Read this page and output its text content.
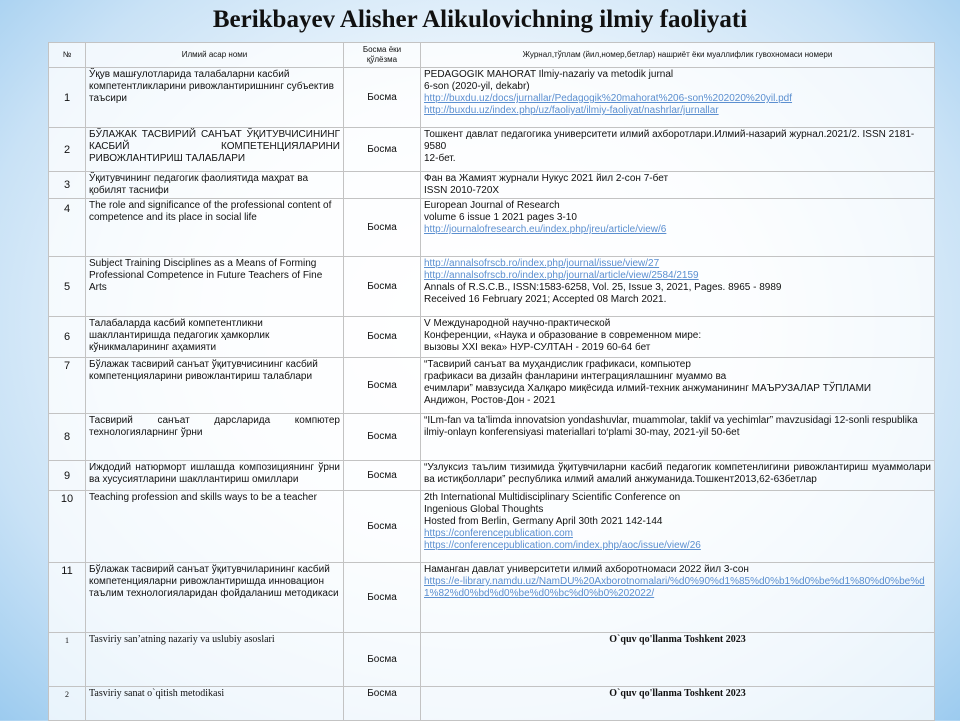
Berikbayev Alisher Alikulovichning ilmiy faoliyati
№	Илмий асар номи	Босма ёки қўлёзма	Журнал,тўплам (йил,номер,бетлар) нашриёт ёки муаллифлик гувохномаси номери
1	Ўқув машғулотларида талабаларни касбий компетентликларини ривожлантиришнинг субъектив таъсири	Босма	PEDAGOGIK MAHORAT Ilmiy-nazariy va metodik jurnal
6-son (2020-yil, dekabr)
http://buxdu.uz/docs/jurnallar/Pedagogik%20mahorat%206-son%202020%20yil.pdf
http://buxdu.uz/index.php/uz/faoliyat/ilmiy-faoliyat/nashrlar/jurnallar

2	БЎЛАЖАК ТАСВИРИЙ САНЪАТ ЎҚИТУВЧИСИНИНГ КАСБИЙ КОМПЕТЕНЦИЯЛАРИНИ РИВОЖЛАНТИРИШ ТАЛАБЛАРИ	Босма	Тошкент давлат педагогика университети илмий ахборотлари.Илмий-назарий журнал.2021/2. ISSN 2181-9580
12-бет.

3	Ўқитувчининг педагогик фаолиятида маҳрат ва қобилят таснифи		Фан ва Жамият журнали Нукус 2021 йил 2-сон 7-бет
ISSN 2010-720X

4	The role and significance of the professional content of competence and its place in social life	Босма	European Journal of Research
volume 6 issue 1 2021 pages 3-10
http://journalofresearch.eu/index.php/jreu/article/view/6

5	Subject Training Disciplines as a Means of Forming Professional Competence in Future Teachers of Fine Arts	Босма	http://annalsofrscb.ro/index.php/journal/issue/view/27
http://annalsofrscb.ro/index.php/journal/article/view/2584/2159
Annals of R.S.C.B., ISSN:1583-6258, Vol. 25, Issue 3, 2021, Pages. 8965 - 8989
Received 16 February 2021; Accepted 08 March 2021.

6	Талабаларда касбий компетентликни шакллантиришда педагогик ҳамкорлик кўникмаларининг аҳамияти	Босма	V Международной научно-практической
Конференции, «Наука и образование в современном мире:
вызовы XXI века» НУР-СУЛТАН - 2019 60-64 бет

7	Бўлажак тасвирий санъат ўқитувчисининг касбий компетенцияларини ривожлантириш талаблари	Босма	“Тасвирий санъат ва муҳандислик графикаси, компьютер
графикаси ва дизайн фанларини интеграциялашнинг муаммо ва
ечимлари” мавзусида Халқаро миқёсида илмий-техник анжуманининг МАЪРУЗАЛАР ТЎПЛАМИ
Андижон, Ростов-Дон - 2021

8	Тасвирий санъат дарсларида компютер технологияларнинг ўрни	Босма	“ILm-fan va ta’limda innovatsion yondashuvlar, muammolar, taklif va yechimlar” mavzusidagi 12-sonli respublika
ilmiy-onlayn konferensiyasi materiallari to‘plami 30-may, 2021-yil 50-6et

9	Иждодий натюрморт ишлашда композициянинг ўрни ва хусусиятларини шакллантириш омиллари	Босма	“Узлуксиз таълим тизимида ўқитувчиларни касбий педагогик компетенлигини ривожлантириш муаммолари ва истиқболлари” республика илмий амалий анжуманида.Тошкент2013,62-63бетлар
10	Teaching profession and skills ways to be a teacher	Босма	2th International Multidisciplinary Scientific Conference on
Ingenious Global Thoughts
Hosted from Berlin, Germany April 30th 2021 142-144
https://conferencepublication.com
https://conferencepublication.com/index.php/aoc/issue/view/26

11	Бўлажак тасвирий санъат ўқитувчиларининг касбий компетенцияларни ривожлантиришда инновацион таълим технологияларидан фойдаланиш методикаси	Босма	Наманган давлат университети илмий ахборотномаси 2022 йил 3-сон
https://e-library.namdu.uz/NamDU%20Axborotnomalari/%d0%90%d1%85%d0%b1%d0%be%d1%80%d0%be%d1%82%d0%bd%d0%be%d0%bc%d0%b0%202022/

1	Tasviriy san’atning nazariy va uslubiy asoslari	Босма	O`quv qo'llanma Toshkent 2023
2	Tasviriy sanat o`qitish metodikasi	Босма	O`quv qo'llanma Toshkent 2023
